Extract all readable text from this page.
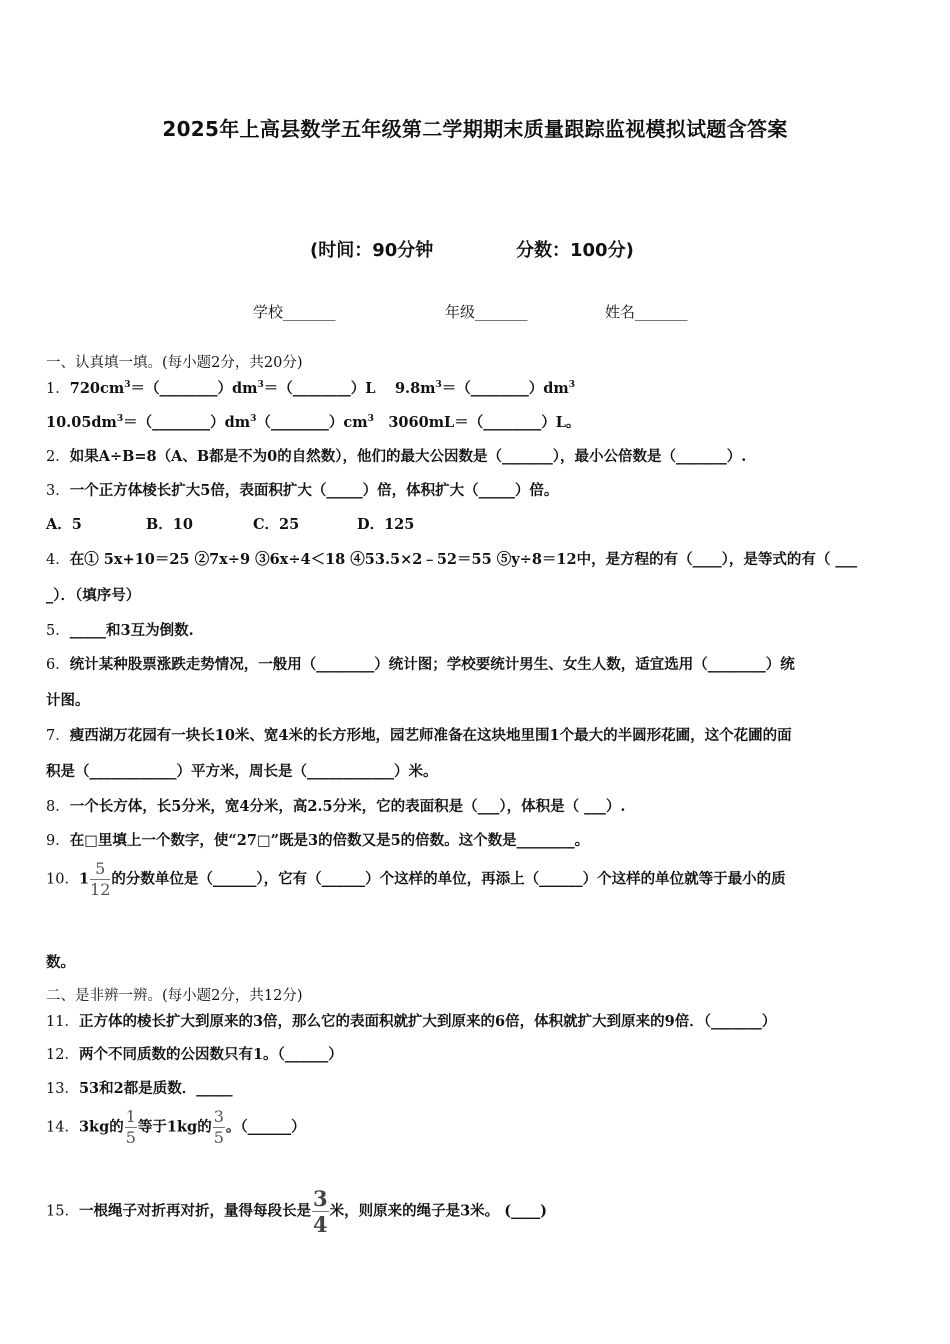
2025年上高县数学五年级第二学期期末质量跟踪监视模拟试题含答案
(时间：90分钟	分数：100分)
学校_______	年级_______	姓名_______
一、认真填一填。(每小题2分，共20分)
1．$720cm^3=(\_\_\_\_\_\_\_\_)dm^3=(\_\_\_\_\_\_\_\_)L$　 $9.8m^3=(\_\_\_\_\_\_\_\_)dm^3$
$10.05dm^3=(\_\_\_\_\_\_\_\_)dm^3(\_\_\_\_\_\_\_\_)cm^3$　3060mL＝（________）L。
2．如果A÷B=8（A、B都是不为0的自然数），他们的最大公因数是（_______），最小公倍数是（_______）.
3．一个正方体棱长扩大5倍，表面积扩大（_____）倍，体积扩大（_____）倍。
A．5	B．10	C．25	D．125
4．在① 5x+10＝25 ②7x÷9 ③6x÷4＜18 ④53.5×2﹣52＝55 ⑤y÷8＝12中，是方程的有（____），是等式的有（ ___
_）．（填序号）
5．_____和3互为倒数.
6．统计某种股票涨跌走势情况，一般用（________）统计图；学校要统计男生、女生人数，适宜选用（________）统
计图。
7．瘦西湖万花园有一块长10米、宽4米的长方形地，园艺师准备在这块地里围1个最大的半圆形花圃，这个花圃的面
积是（____________）平方米，周长是（____________）米。
8．一个长方体，长5分米，宽4分米，高2.5分米，它的表面积是（___），体积是（ ___）.
9．在□里填上一个数字，使“27□”既是3的倍数又是5的倍数。这个数是________。
10．$1 \frac{5}{12}$ 的分数单位是（______），它有（______）个这样的单位，再添上（______）个这样的单位就等于最小的质
数。
二、是非辨一辨。(每小题2分，共12分)
11．正方体的棱长扩大到原来的3倍，那么它的表面积就扩大到原来的6倍，体积就扩大到原来的9倍．（_______）
12．两个不同质数的公因数只有1。（______）
13．53和2都是质数．_____
14．3kg的 $\frac{1}{5}$ 等于1kg的 $\frac{3}{5}$ 。（______）
15．一根绳子对折再对折，量得每段长是 $\frac{3}{4}$ 米，则原来的绳子是3米。 (____)
